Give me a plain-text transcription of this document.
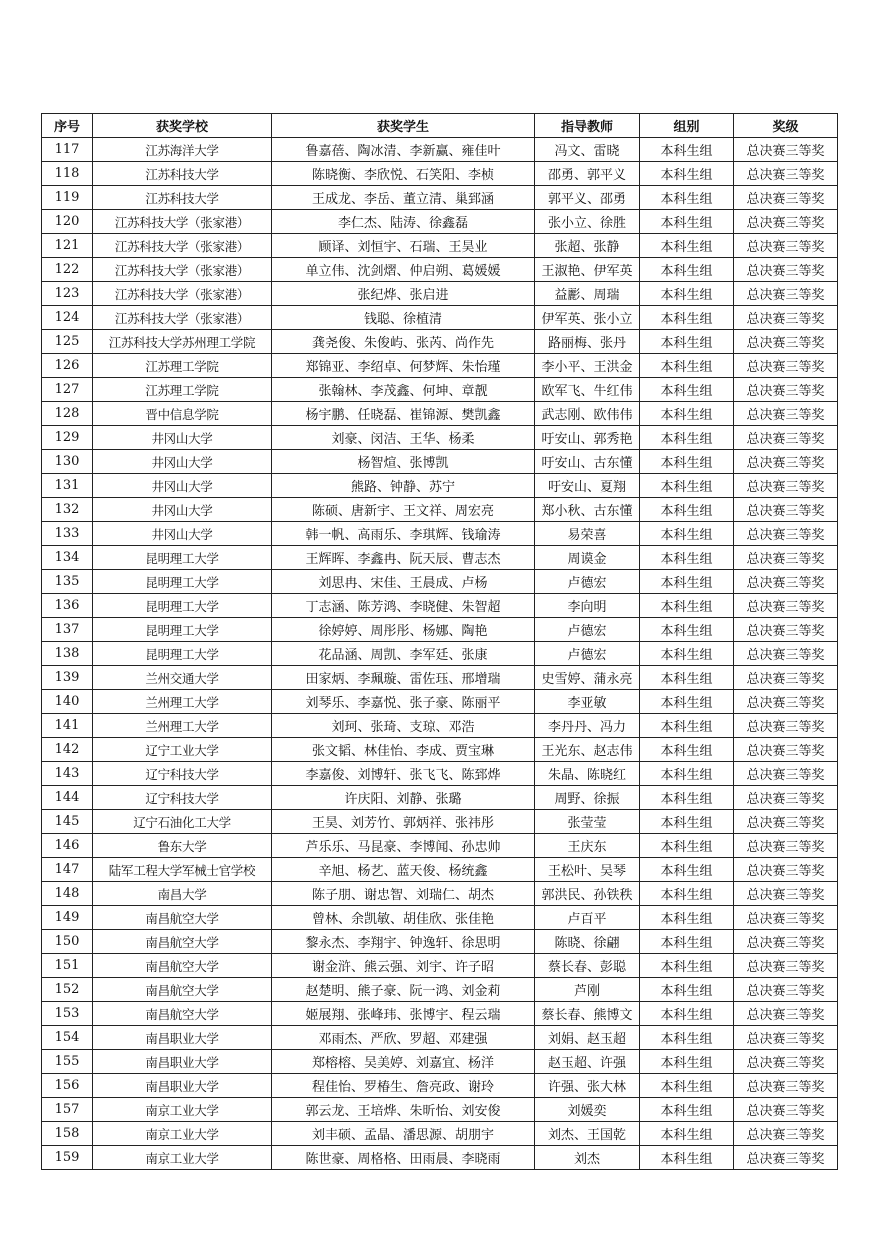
序号	获奖学校	获奖学生	指导教师	组别	奖级
117	江苏海洋大学	鲁嘉蓓、陶冰清、李新赢、雍佳叶	冯文、雷晓	本科生组	总决赛三等奖
118	江苏科技大学	陈晓衡、李欣悦、石笑阳、李桢	邵勇、郭平义	本科生组	总决赛三等奖
119	江苏科技大学	王成龙、李岳、董立清、巢郅涵	郭平义、邵勇	本科生组	总决赛三等奖
120	江苏科技大学（张家港）	李仁杰、陆涛、徐鑫磊	张小立、徐胜	本科生组	总决赛三等奖
121	江苏科技大学（张家港）	顾译、刘恒宇、石瑞、王昊业	张超、张静	本科生组	总决赛三等奖
122	江苏科技大学（张家港）	单立伟、沈剑熠、仲启朔、葛媛媛	王淑艳、伊军英	本科生组	总决赛三等奖
123	江苏科技大学（张家港）	张纪烨、张启进	益彲、周瑞	本科生组	总决赛三等奖
124	江苏科技大学（张家港）	钱聪、徐植清	伊军英、张小立	本科生组	总决赛三等奖
125	江苏科技大学苏州理工学院	龚尧俊、朱俊屿、张芮、尚作先	路丽梅、张丹	本科生组	总决赛三等奖
126	江苏理工学院	郑锦亚、李绍卓、何梦辉、朱怡瑾	李小平、王洪金	本科生组	总决赛三等奖
127	江苏理工学院	张翰林、李茂鑫、何坤、章靓	欧军飞、牛红伟	本科生组	总决赛三等奖
128	晋中信息学院	杨宇鹏、任晓磊、崔锦源、樊凯鑫	武志刚、欧伟伟	本科生组	总决赛三等奖
129	井冈山大学	刘豪、闵洁、王华、杨柔	吁安山、郭秀艳	本科生组	总决赛三等奖
130	井冈山大学	杨智煊、张博凯	吁安山、古东懂	本科生组	总决赛三等奖
131	井冈山大学	熊路、钟静、苏宁	吁安山、夏翔	本科生组	总决赛三等奖
132	井冈山大学	陈硕、唐新宇、王文祥、周宏亮	郑小秋、古东懂	本科生组	总决赛三等奖
133	井冈山大学	韩一帆、高雨乐、李琪辉、钱瑜涛	易荣喜	本科生组	总决赛三等奖
134	昆明理工大学	王辉晖、李鑫冉、阮天辰、曹志杰	周谟金	本科生组	总决赛三等奖
135	昆明理工大学	刘思冉、宋佳、王晨成、卢杨	卢德宏	本科生组	总决赛三等奖
136	昆明理工大学	丁志涵、陈芳鸿、李晓健、朱智超	李向明	本科生组	总决赛三等奖
137	昆明理工大学	徐婷婷、周彤彤、杨娜、陶艳	卢德宏	本科生组	总决赛三等奖
138	昆明理工大学	花品涵、周凯、李军廷、张康	卢德宏	本科生组	总决赛三等奖
139	兰州交通大学	田家炳、李珮璇、雷佐珏、邢增瑞	史雪婷、蒲永亮	本科生组	总决赛三等奖
140	兰州理工大学	刘琴乐、李嘉悦、张子豪、陈丽平	李亚敏	本科生组	总决赛三等奖
141	兰州理工大学	刘珂、张琦、支琼、邓浩	李丹丹、冯力	本科生组	总决赛三等奖
142	辽宁工业大学	张文韬、林佳怡、李成、贾宝琳	王光东、赵志伟	本科生组	总决赛三等奖
143	辽宁科技大学	李嘉俊、刘博轩、张飞飞、陈郅烨	朱晶、陈晓红	本科生组	总决赛三等奖
144	辽宁科技大学	许庆阳、刘静、张璐	周野、徐振	本科生组	总决赛三等奖
145	辽宁石油化工大学	王昊、刘芳竹、郭炳祥、张祎彤	张莹莹	本科生组	总决赛三等奖
146	鲁东大学	芦乐乐、马昆豪、李博闻、孙忠帅	王庆东	本科生组	总决赛三等奖
147	陆军工程大学军械士官学校	辛旭、杨艺、蓝天俊、杨统鑫	王松叶、吴琴	本科生组	总决赛三等奖
148	南昌大学	陈子朋、谢忠智、刘瑞仁、胡杰	郭洪民、孙铁秩	本科生组	总决赛三等奖
149	南昌航空大学	曾林、余凯敏、胡佳欣、张佳艳	卢百平	本科生组	总决赛三等奖
150	南昌航空大学	黎永杰、李翔宇、钟逸轩、徐思明	陈晓、徐翩	本科生组	总决赛三等奖
151	南昌航空大学	谢金浒、熊云强、刘宇、许子昭	蔡长春、彭聪	本科生组	总决赛三等奖
152	南昌航空大学	赵楚明、熊子豪、阮一鸿、刘金莉	芦刚	本科生组	总决赛三等奖
153	南昌航空大学	姬展翔、张峰玮、张博宇、程云瑞	蔡长春、熊博文	本科生组	总决赛三等奖
154	南昌职业大学	邓雨杰、严欣、罗超、邓建强	刘娟、赵玉超	本科生组	总决赛三等奖
155	南昌职业大学	郑榕榕、吴美婷、刘嘉宜、杨洋	赵玉超、许强	本科生组	总决赛三等奖
156	南昌职业大学	程佳怡、罗椿生、詹亮政、谢玲	许强、张大林	本科生组	总决赛三等奖
157	南京工业大学	郭云龙、王培烨、朱昕怡、刘安俊	刘媛奕	本科生组	总决赛三等奖
158	南京工业大学	刘丰硕、孟晶、潘思源、胡朋宇	刘杰、王国乾	本科生组	总决赛三等奖
159	南京工业大学	陈世豪、周格格、田雨晨、李晓雨	刘杰	本科生组	总决赛三等奖
